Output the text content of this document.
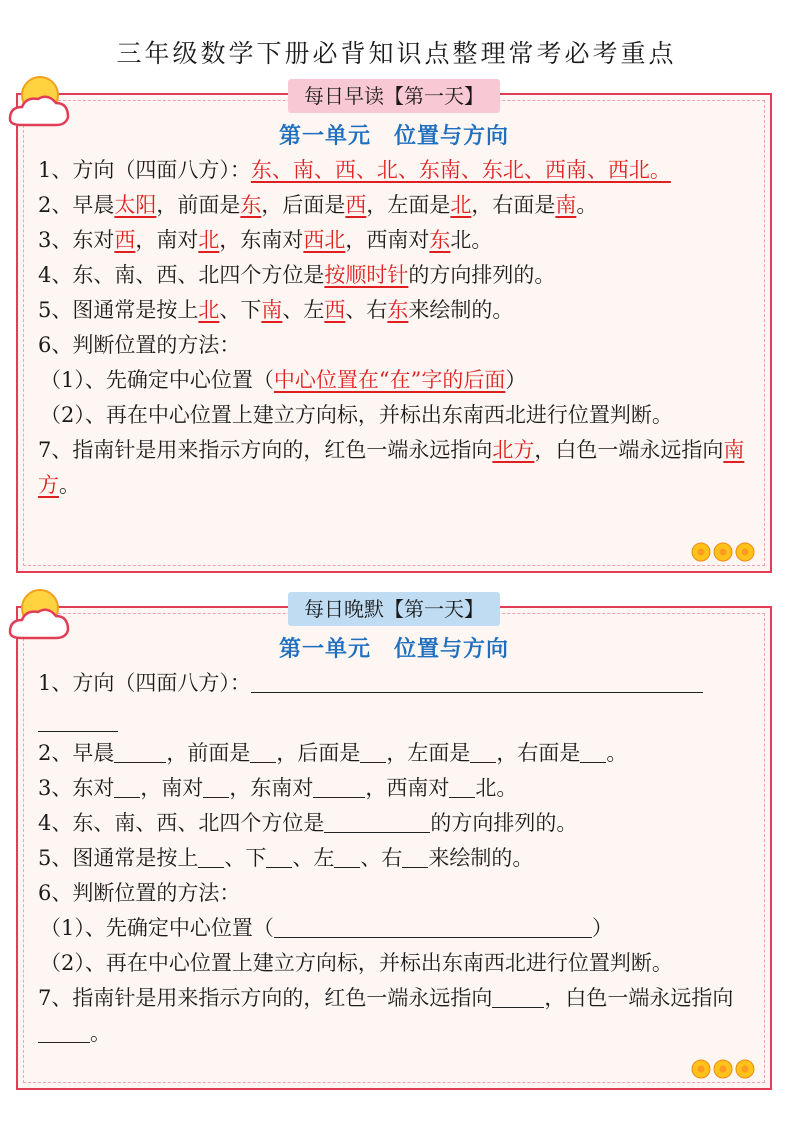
三年级数学下册必背知识点整理常考必考重点
每日早读【第一天】
第一单元　位置与方向

1、方向（四面八方）：东、南、西、北、东南、东北、西南、西北。

2、早晨太阳，前面是东，后面是西，左面是北，右面是南。

3、东对西，南对北，东南对西北，西南对东北。

4、东、南、西、北四个方位是按顺时针的方向排列的。

5、图通常是按上北、下南、左西、右东来绘制的。

6、判断位置的方法：

（1）、先确定中心位置（中心位置在“在”字的后面）

（2）、再在中心位置上建立方向标，并标出东南西北进行位置判断。

7、指南针是用来指示方向的，红色一端永远指向北方，白色一端永远指向南方。

每日晚默【第一天】
第一单元　位置与方向

1、方向（四面八方）：

2、早晨 ，前面是 ，后面是 ，左面是 ，右面是 。

3、东对 ，南对 ，东南对 ，西南对 北。

4、东、南、西、北四个方位是	的方向排列的。

5、图通常是按上 、下 、左 、右 来绘制的。

6、判断位置的方法：

（1）、先确定中心位置（	）

（2）、再在中心位置上建立方向标，并标出东南西北进行位置判断。

7、指南针是用来指示方向的，红色一端永远指向 ，白色一端永远指向。
